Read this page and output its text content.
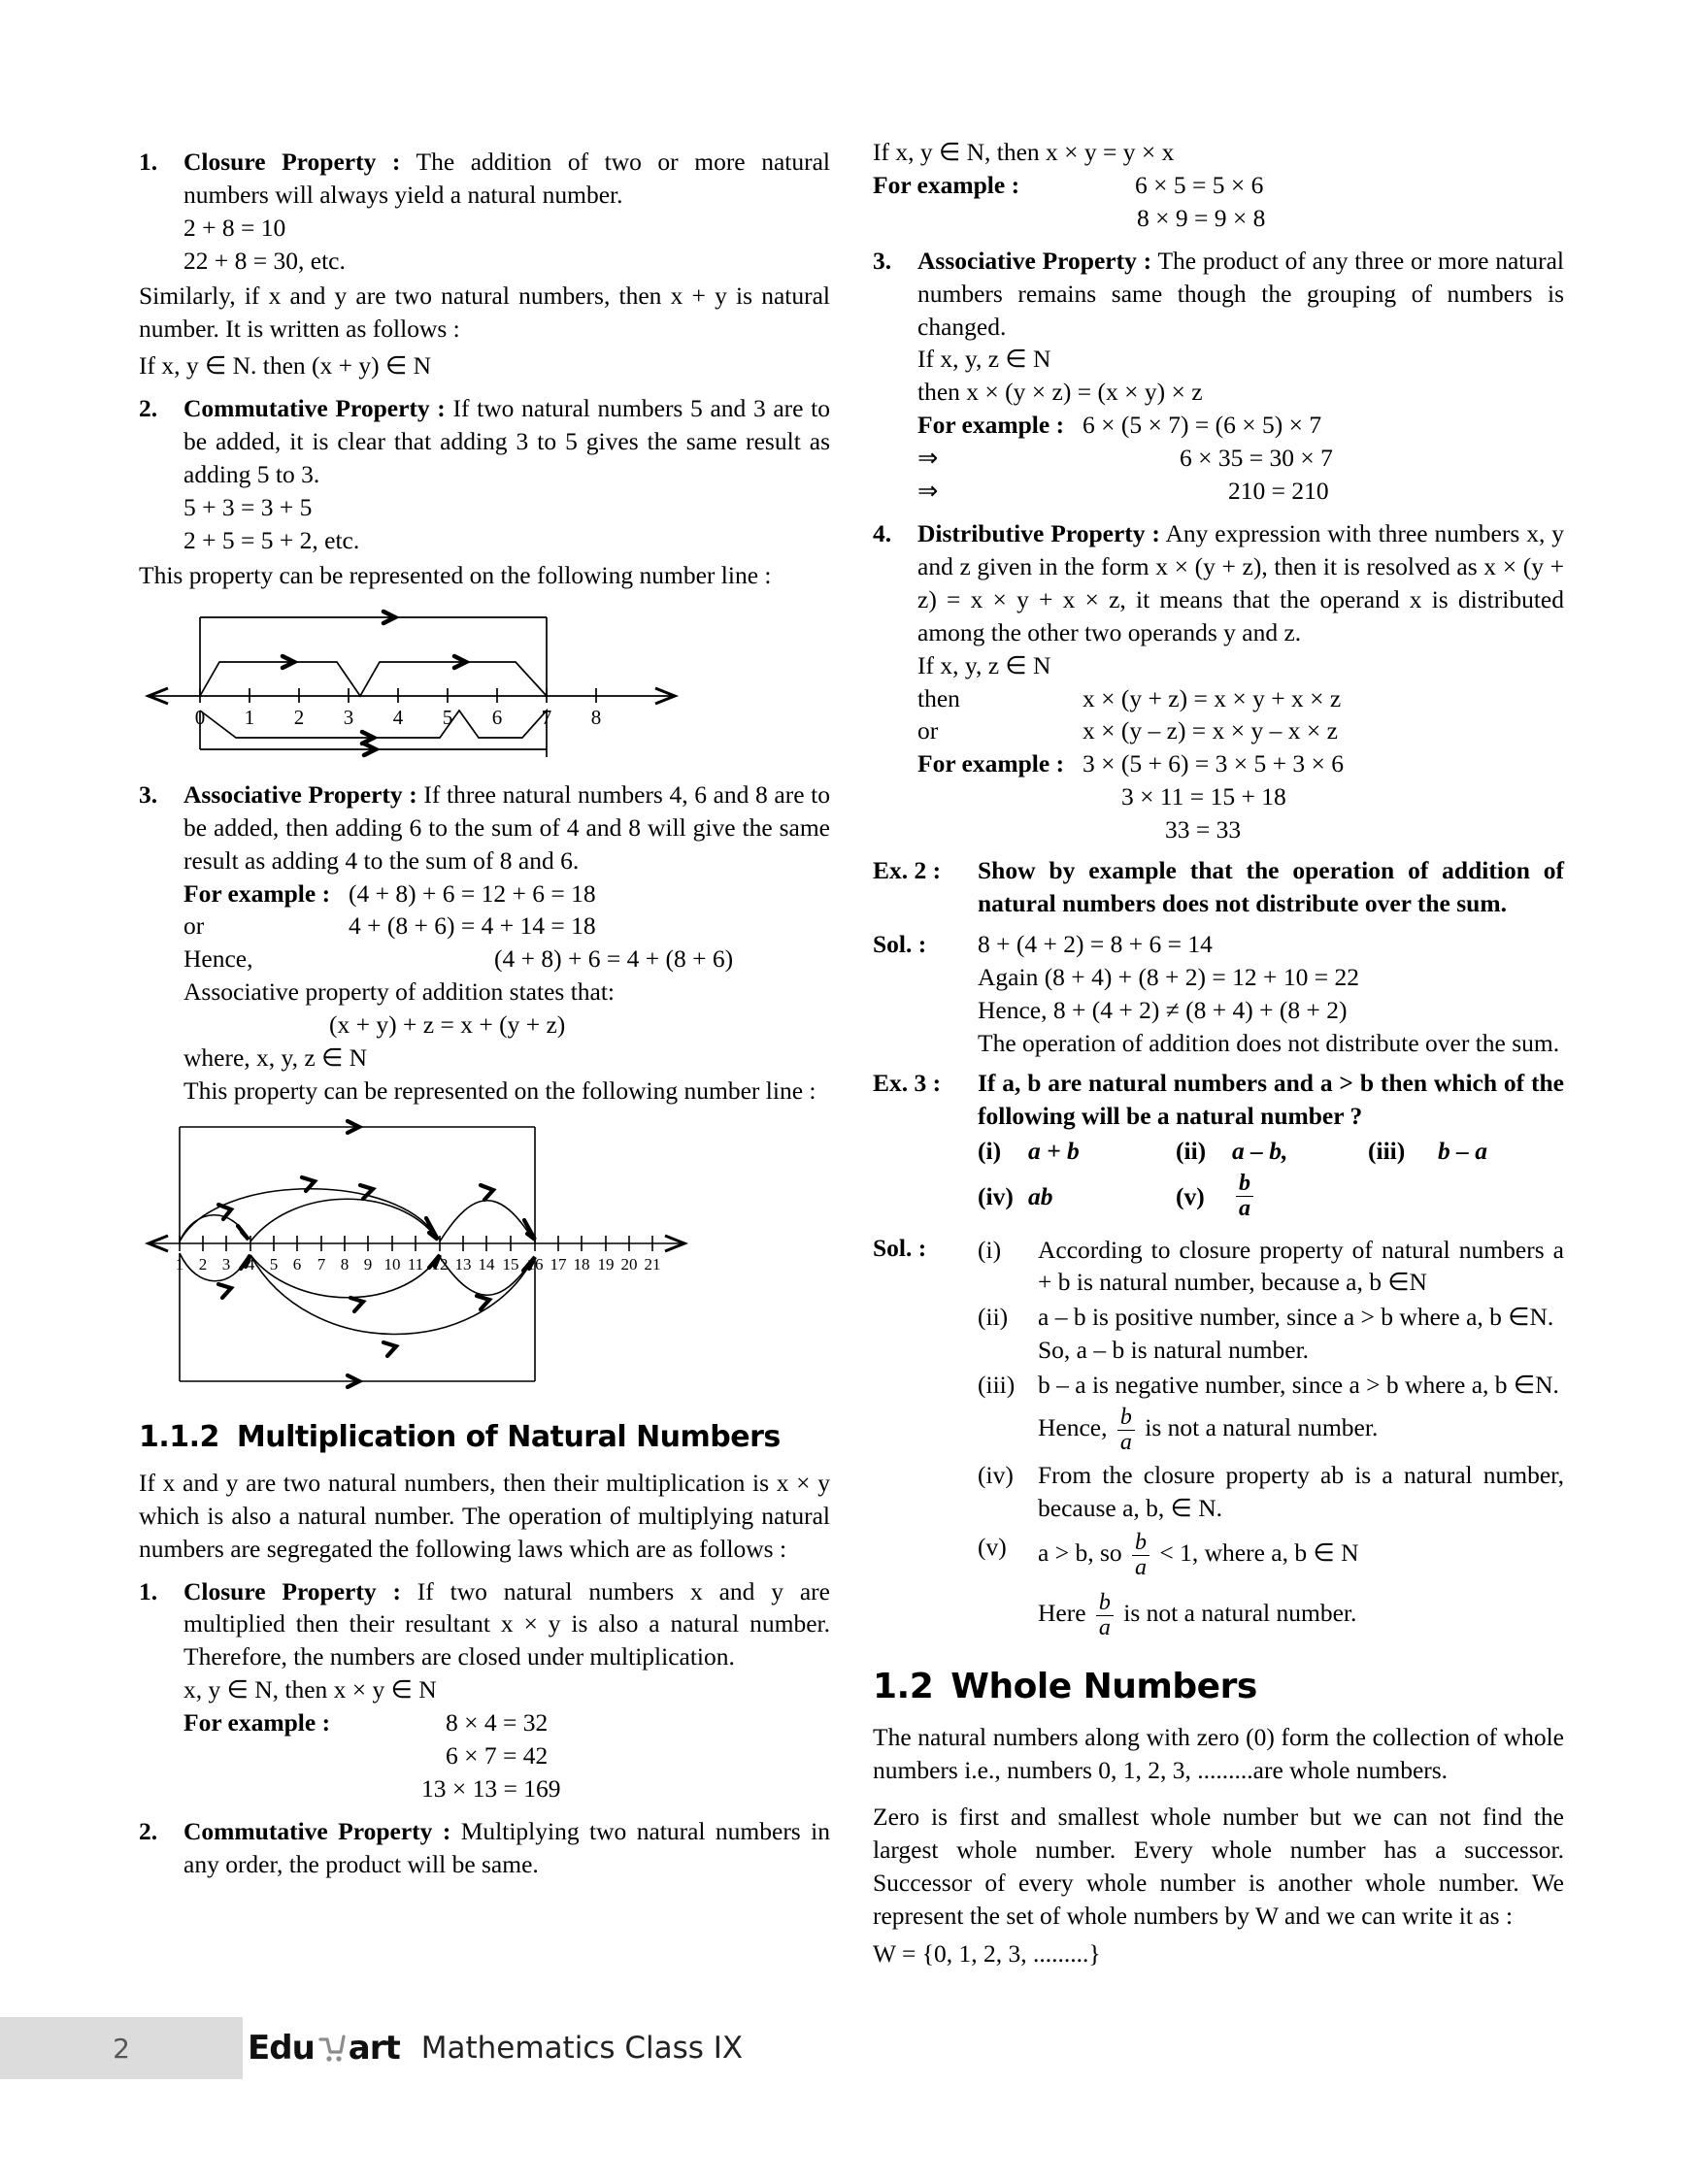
1.	Closure Property : The addition of two or more natural numbers will always yield a natural number.

2 + 8 = 10
22 + 8 = 30, etc.

Similarly, if x and y are two natural numbers, then x + y is natural number. It is written as follows :

If x, y ∈ N. then (x + y) ∈ N

2.	Commutative Property : If two natural numbers 5 and 3 are to be added, it is clear that adding 3 to 5 gives the same result as adding 5 to 3.

5 + 3 = 3 + 5
2 + 5 = 5 + 2, etc.

This property can be represented on the following number line :

0 1 2 3 4 5 6 7 8
3.	Associative Property : If three natural numbers 4, 6 and 8 are to be added, then adding 6 to the sum of 4 and 8 will give the same result as adding 4 to the sum of 8 and 6.

For example : (4 + 8) + 6 = 12 + 6 = 18
or	4 + (8 + 6) = 4 + 14 = 18
Hence,	(4 + 8) + 6 = 4 + (8 + 6)

Associative property of addition states that:

(x + y) + z = x + (y + z)

where, x, y, z ∈ N

This property can be represented on the following number line :

1 2 3 4 5 6 7 8 9 10 11 12 13 14 15 16 17 18 19 20 21
1.1.2 Multiplication of Natural Numbers

If x and y are two natural numbers, then their multiplication is x × y which is also a natural number. The operation of multiplying natural numbers are segregated the following laws which are as follows :

1.	Closure Property : If two natural numbers x and y are multiplied then their resultant x × y is also a natural number. Therefore, the numbers are closed under multiplication.

x, y ∈ N, then x × y ∈ N

For example :	8 × 4 = 32
6 × 7 = 42
13 × 13 = 169
2.	Commutative Property : Multiplying two natural numbers in any order, the product will be same.

If x, y ∈ N, then x × y = y × x

For example :	6 × 5 = 5 × 6
8 × 9 = 9 × 8
3.	Associative Property : The product of any three or more natural numbers remains same though the grouping of numbers is changed.

If x, y, z ∈ N

then x × (y × z) = (x × y) × z

For example : 6 × (5 × 7) = (6 × 5) × 7
⇒	6 × 35 = 30 × 7
⇒	210 = 210
4.	Distributive Property : Any expression with three numbers x, y and z given in the form x × (y + z), then it is resolved as x × (y + z) = x × y + x × z, it means that the operand x is distributed among the other two operands y and z.

If x, y, z ∈ N

then	x × (y + z) = x × y + x × z
or	x × (y – z) = x × y – x × z
For example : 3 × (5 + 6) = 3 × 5 + 3 × 6
3 × 11 = 15 + 18
33 = 33
Ex. 2 :	Show by example that the operation of addition of natural numbers does not distribute over the sum.
Sol. :	8 + (4 + 2) = 8 + 6 = 14
Again (8 + 4) + (8 + 2) = 12 + 10 = 22
Hence, 8 + (4 + 2) ≠ (8 + 4) + (8 + 2)
The operation of addition does not distribute over the sum.
Ex. 3 :	If a, b are natural numbers and a > b then which of the following will be a natural number ?
(i)	a + b	(ii)	a – b,	(iii)	b – a
(iv) ab	(v)	$\frac{b}{a}$
Sol. :	(i)	According to closure property of natural numbers a + b is natural number, because a, b ∈N
(ii)	a – b is positive number, since a > b where a, b ∈N.
So, a – b is natural number.
(iii) b – a is negative number, since a > b where a, b ∈N.
Hence, $\frac{b}{a}$ is not a natural number.
(iv) From the closure property ab is a natural number, because a, b, ∈ N.
(v)	a > b, so $\frac{b}{a} < 1$, where a, b ∈ N
Here $\frac{b}{a}$ is not a natural number.
1.2 Whole Numbers

The natural numbers along with zero (0) form the collection of whole numbers i.e., numbers 0, 1, 2, 3, .........are whole numbers.

Zero is first and smallest whole number but we can not find the largest whole number. Every whole number has a successor. Successor of every whole number is another whole number. We represent the set of whole numbers by W and we can write it as :

W = {0, 1, 2, 3, .........}
2	Edu art Mathematics Class IX
